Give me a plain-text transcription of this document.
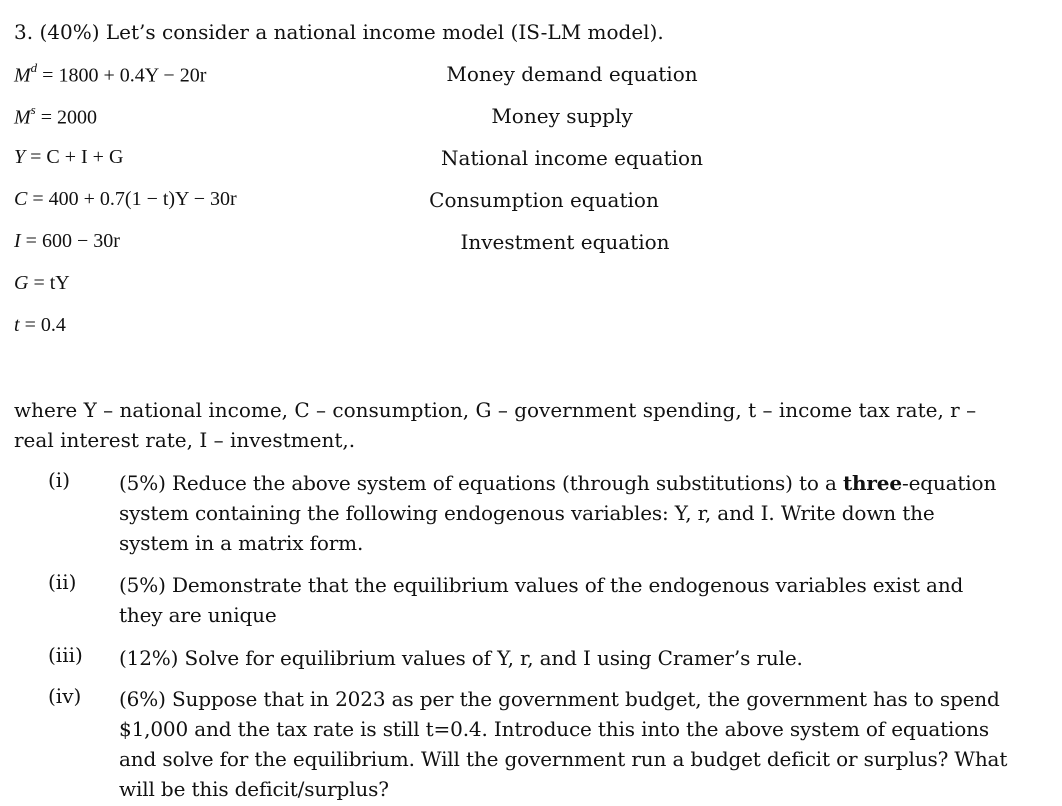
3. (40%) Let’s consider a national income model (IS-LM model).
$M^d = 1800 + 0.4Y - 20r$	Money demand equation
$M^s = 2000$	Money supply
Y = C + I + G	National income equation
C = 400 + 0.7(1 − t)Y − 30r	Consumption equation
I = 600 − 30r	Investment equation
G = tY
t = 0.4
where Y – national income, C – consumption, G – government spending, t – income tax rate, r – real interest rate, I – investment,.
(i) (5%) Reduce the above system of equations (through substitutions) to a three-equation system containing the following endogenous variables: Y, r, and I. Write down the system in a matrix form.
(ii) (5%) Demonstrate that the equilibrium values of the endogenous variables exist and they are unique
(iii) (12%) Solve for equilibrium values of Y, r, and I using Cramer’s rule.
(iv) (6%) Suppose that in 2023 as per the government budget, the government has to spend $1,000 and the tax rate is still t=0.4. Introduce this into the above system of equations and solve for the equilibrium. Will the government run a budget deficit or surplus? What will be this deficit/surplus?
